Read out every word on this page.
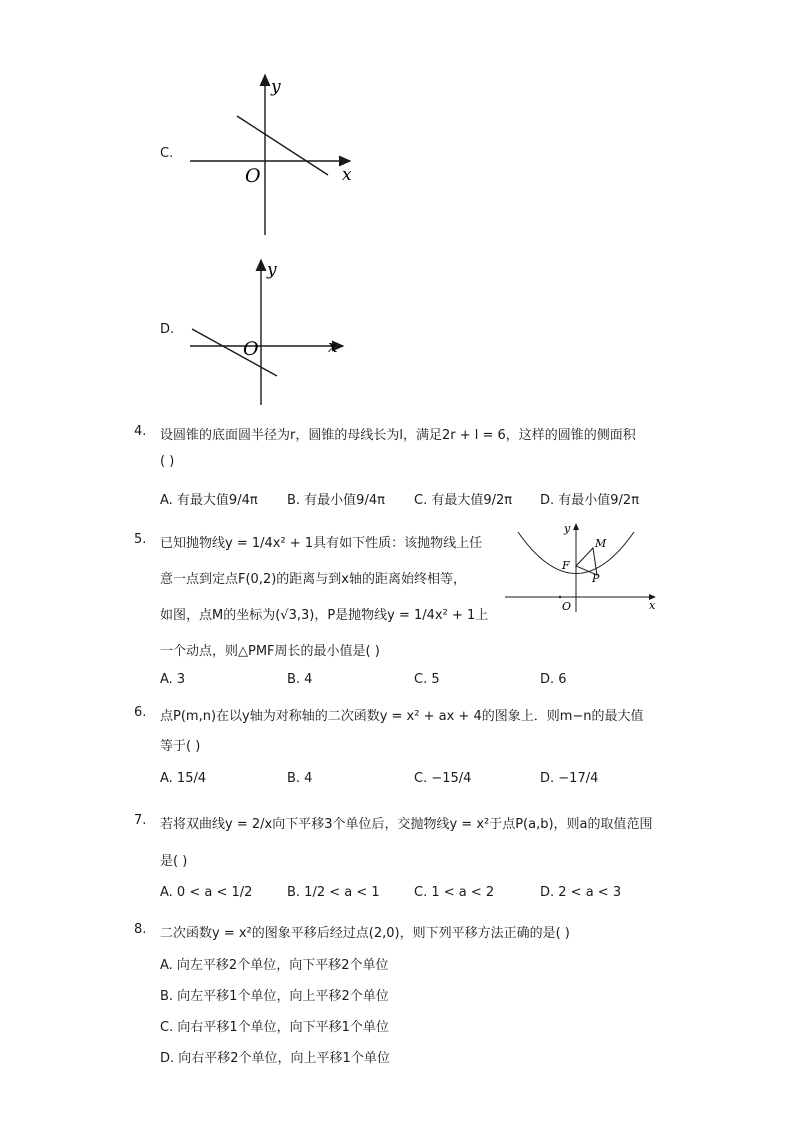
C.
y
x
O
D.
y
x
O
4. 设圆锥的底面圆半径为r，圆锥的母线长为l，满足2r + l = 6，这样的圆锥的侧面积
( )
A. 有最大值9/4π B. 有最小值9/4π C. 有最大值9/2π D. 有最小值9/2π
5. 已知抛物线y = 1/4x² + 1具有如下性质：该抛物线上任
意一点到定点F(0,2)的距离与到x轴的距离始终相等，
如图，点M的坐标为(√3,3)，P是抛物线y = 1/4x² + 1上
一个动点，则△PMF周长的最小值是( )
y
x
O
F
M
P
A. 3	B. 4	C. 5	D. 6
6. 点P(m,n)在以y轴为对称轴的二次函数y = x² + ax + 4的图象上．则m−n的最大值
等于( )
A. 15/4	B. 4	C. −15/4	D. −17/4
7. 若将双曲线y = 2/x向下平移3个单位后，交抛物线y = x²于点P(a,b)，则a的取值范围
是( )
A. 0 < a < 1/2	B. 1/2 < a < 1	C. 1 < a < 2	D. 2 < a < 3
8. 二次函数y = x²的图象平移后经过点(2,0)，则下列平移方法正确的是( )
A. 向左平移2个单位，向下平移2个单位
B. 向左平移1个单位，向上平移2个单位
C. 向右平移1个单位，向下平移1个单位
D. 向右平移2个单位，向上平移1个单位
